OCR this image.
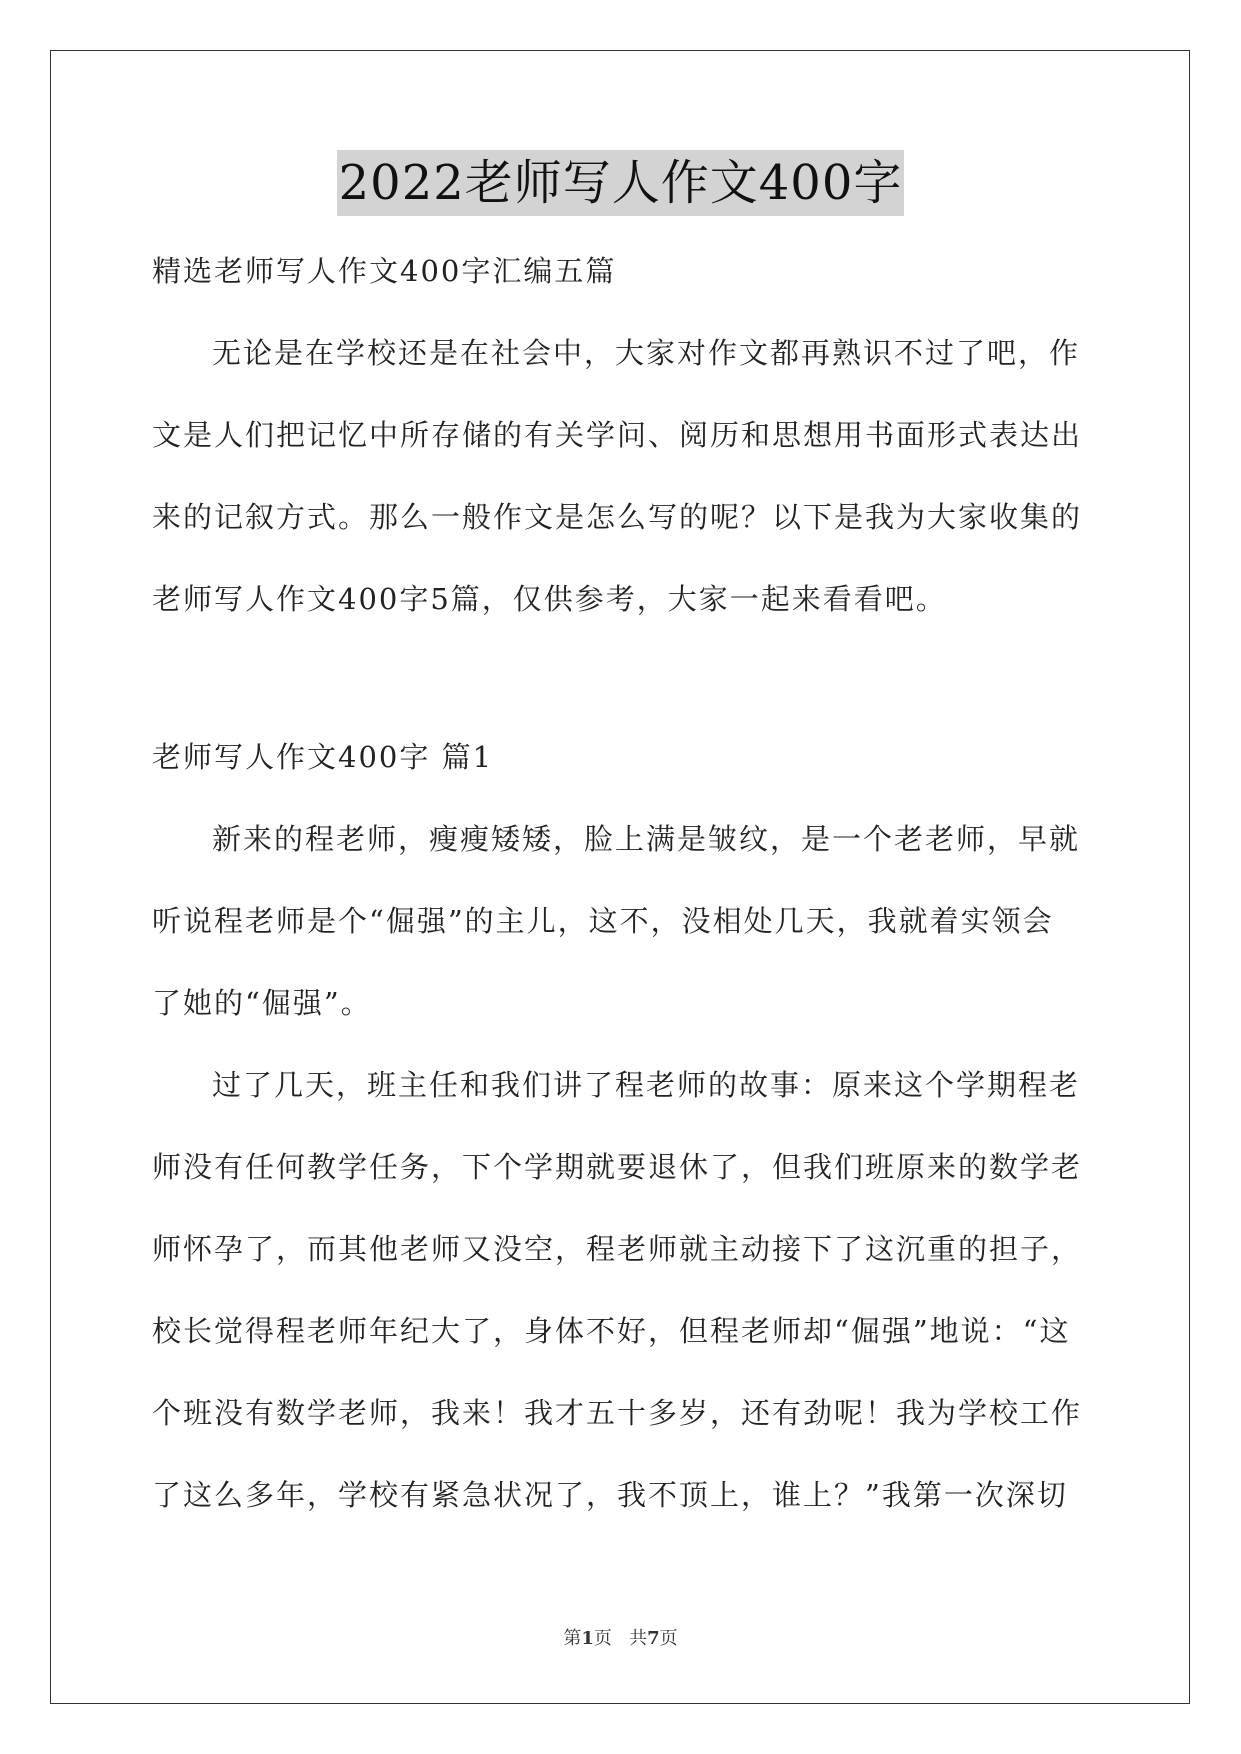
2022老师写人作文400字
精选老师写人作文400字汇编五篇
无论是在学校还是在社会中，大家对作文都再熟识不过了吧，作
文是人们把记忆中所存储的有关学问、阅历和思想用书面形式表达出
来的记叙方式。那么一般作文是怎么写的呢？以下是我为大家收集的
老师写人作文400字5篇，仅供参考，大家一起来看看吧。
老师写人作文400字 篇1
新来的程老师，瘦瘦矮矮，脸上满是皱纹，是一个老老师，早就
听说程老师是个“倔强”的主儿，这不，没相处几天，我就着实领会
了她的“倔强”。
过了几天，班主任和我们讲了程老师的故事：原来这个学期程老
师没有任何教学任务，下个学期就要退休了，但我们班原来的数学老
师怀孕了，而其他老师又没空，程老师就主动接下了这沉重的担子，
校长觉得程老师年纪大了，身体不好，但程老师却“倔强”地说：“这
个班没有数学老师，我来！我才五十多岁，还有劲呢！我为学校工作
了这么多年，学校有紧急状况了，我不顶上，谁上？”我第一次深切
第1页 共7页
